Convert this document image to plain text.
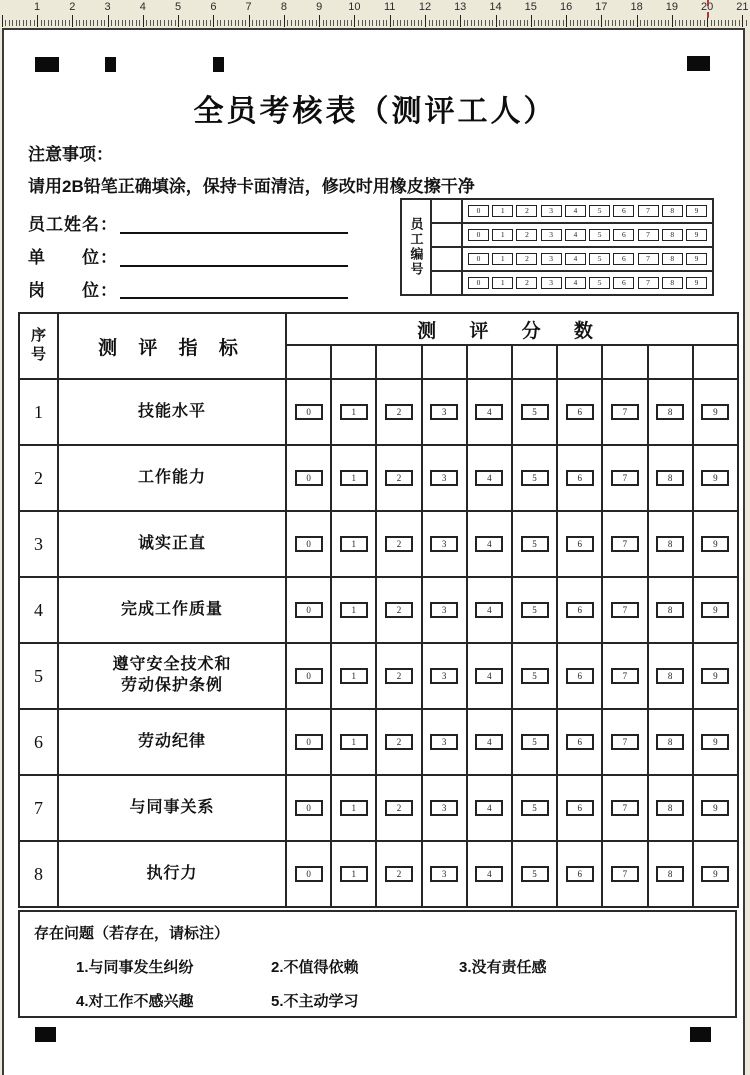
1	2	3	4	5	6	7	8	9 10 11 12 13 14 15 16 17 18 19 20 21
全员考核表（测评工人）
注意事项：
请用2B铅笔正确填涂，保持卡面清洁，修改时用橡皮擦干净
员工姓名：
单　　位：
岗　　位：
员工编号		
0	1	2	3	4	5	6	7	8	9

0	1	2	3	4	5	6	7	8	9

0	1	2	3	4	5	6	7	8	9

0	1	2	3	4	5	6	7	8	9
序号	测 评 指 标	测 评 分 数									

1	技能水平	0	1	2	3	4	5	6	7	8	9

2	工作能力	0	1	2	3	4	5	6	7	8	9

3	诚实正直	0	1	2	3	4	5	6	7	8	9

4	完成工作质量	0	1	2	3	4	5	6	7	8	9

5	遵守安全技术和
劳动保护条例	0	1	2	3	4	5	6	7	8	9

6	劳动纪律	0	1	2	3	4	5	6	7	8	9

7	与同事关系	0	1	2	3	4	5	6	7	8	9

8	执行力	0	1	2	3	4	5	6	7	8	9
存在问题（若存在，请标注）
1.与同事发生纠纷	2.不值得依赖	3.没有责任感
4.对工作不感兴趣	5.不主动学习
